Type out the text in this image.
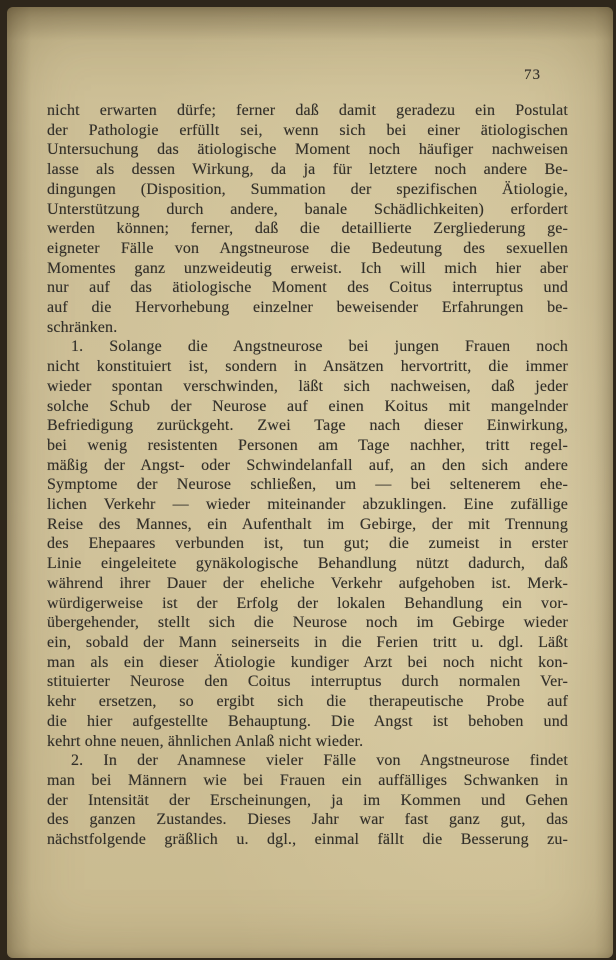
73
nicht erwarten dürfe; ferner daß damit geradezu ein Postulat
der Pathologie erfüllt sei, wenn sich bei einer ätiologischen
Untersuchung das ätiologische Moment noch häufiger nachweisen
lasse als dessen Wirkung, da ja für letztere noch andere Be-
dingungen (Disposition, Summation der spezifischen Ätiologie,
Unterstützung durch andere, banale Schädlichkeiten) erfordert
werden können; ferner, daß die detaillierte Zergliederung ge-
eigneter Fälle von Angstneurose die Bedeutung des sexuellen
Momentes ganz unzweideutig erweist. Ich will mich hier aber
nur auf das ätiologische Moment des Coitus interruptus und
auf die Hervorhebung einzelner beweisender Erfahrungen be-
schränken.
1. Solange die Angstneurose bei jungen Frauen noch
nicht konstituiert ist, sondern in Ansätzen hervortritt, die immer
wieder spontan verschwinden, läßt sich nachweisen, daß jeder
solche Schub der Neurose auf einen Koitus mit mangelnder
Befriedigung zurückgeht. Zwei Tage nach dieser Einwirkung,
bei wenig resistenten Personen am Tage nachher, tritt regel-
mäßig der Angst- oder Schwindelanfall auf, an den sich andere
Symptome der Neurose schließen, um — bei seltenerem ehe-
lichen Verkehr — wieder miteinander abzuklingen. Eine zufällige
Reise des Mannes, ein Aufenthalt im Gebirge, der mit Trennung
des Ehepaares verbunden ist, tun gut; die zumeist in erster
Linie eingeleitete gynäkologische Behandlung nützt dadurch, daß
während ihrer Dauer der eheliche Verkehr aufgehoben ist. Merk-
würdigerweise ist der Erfolg der lokalen Behandlung ein vor-
übergehender, stellt sich die Neurose noch im Gebirge wieder
ein, sobald der Mann seinerseits in die Ferien tritt u. dgl. Läßt
man als ein dieser Ätiologie kundiger Arzt bei noch nicht kon-
stituierter Neurose den Coitus interruptus durch normalen Ver-
kehr ersetzen, so ergibt sich die therapeutische Probe auf
die hier aufgestellte Behauptung. Die Angst ist behoben und
kehrt ohne neuen, ähnlichen Anlaß nicht wieder.
2. In der Anamnese vieler Fälle von Angstneurose findet
man bei Männern wie bei Frauen ein auffälliges Schwanken in
der Intensität der Erscheinungen, ja im Kommen und Gehen
des ganzen Zustandes. Dieses Jahr war fast ganz gut, das
nächstfolgende gräßlich u. dgl., einmal fällt die Besserung zu-
